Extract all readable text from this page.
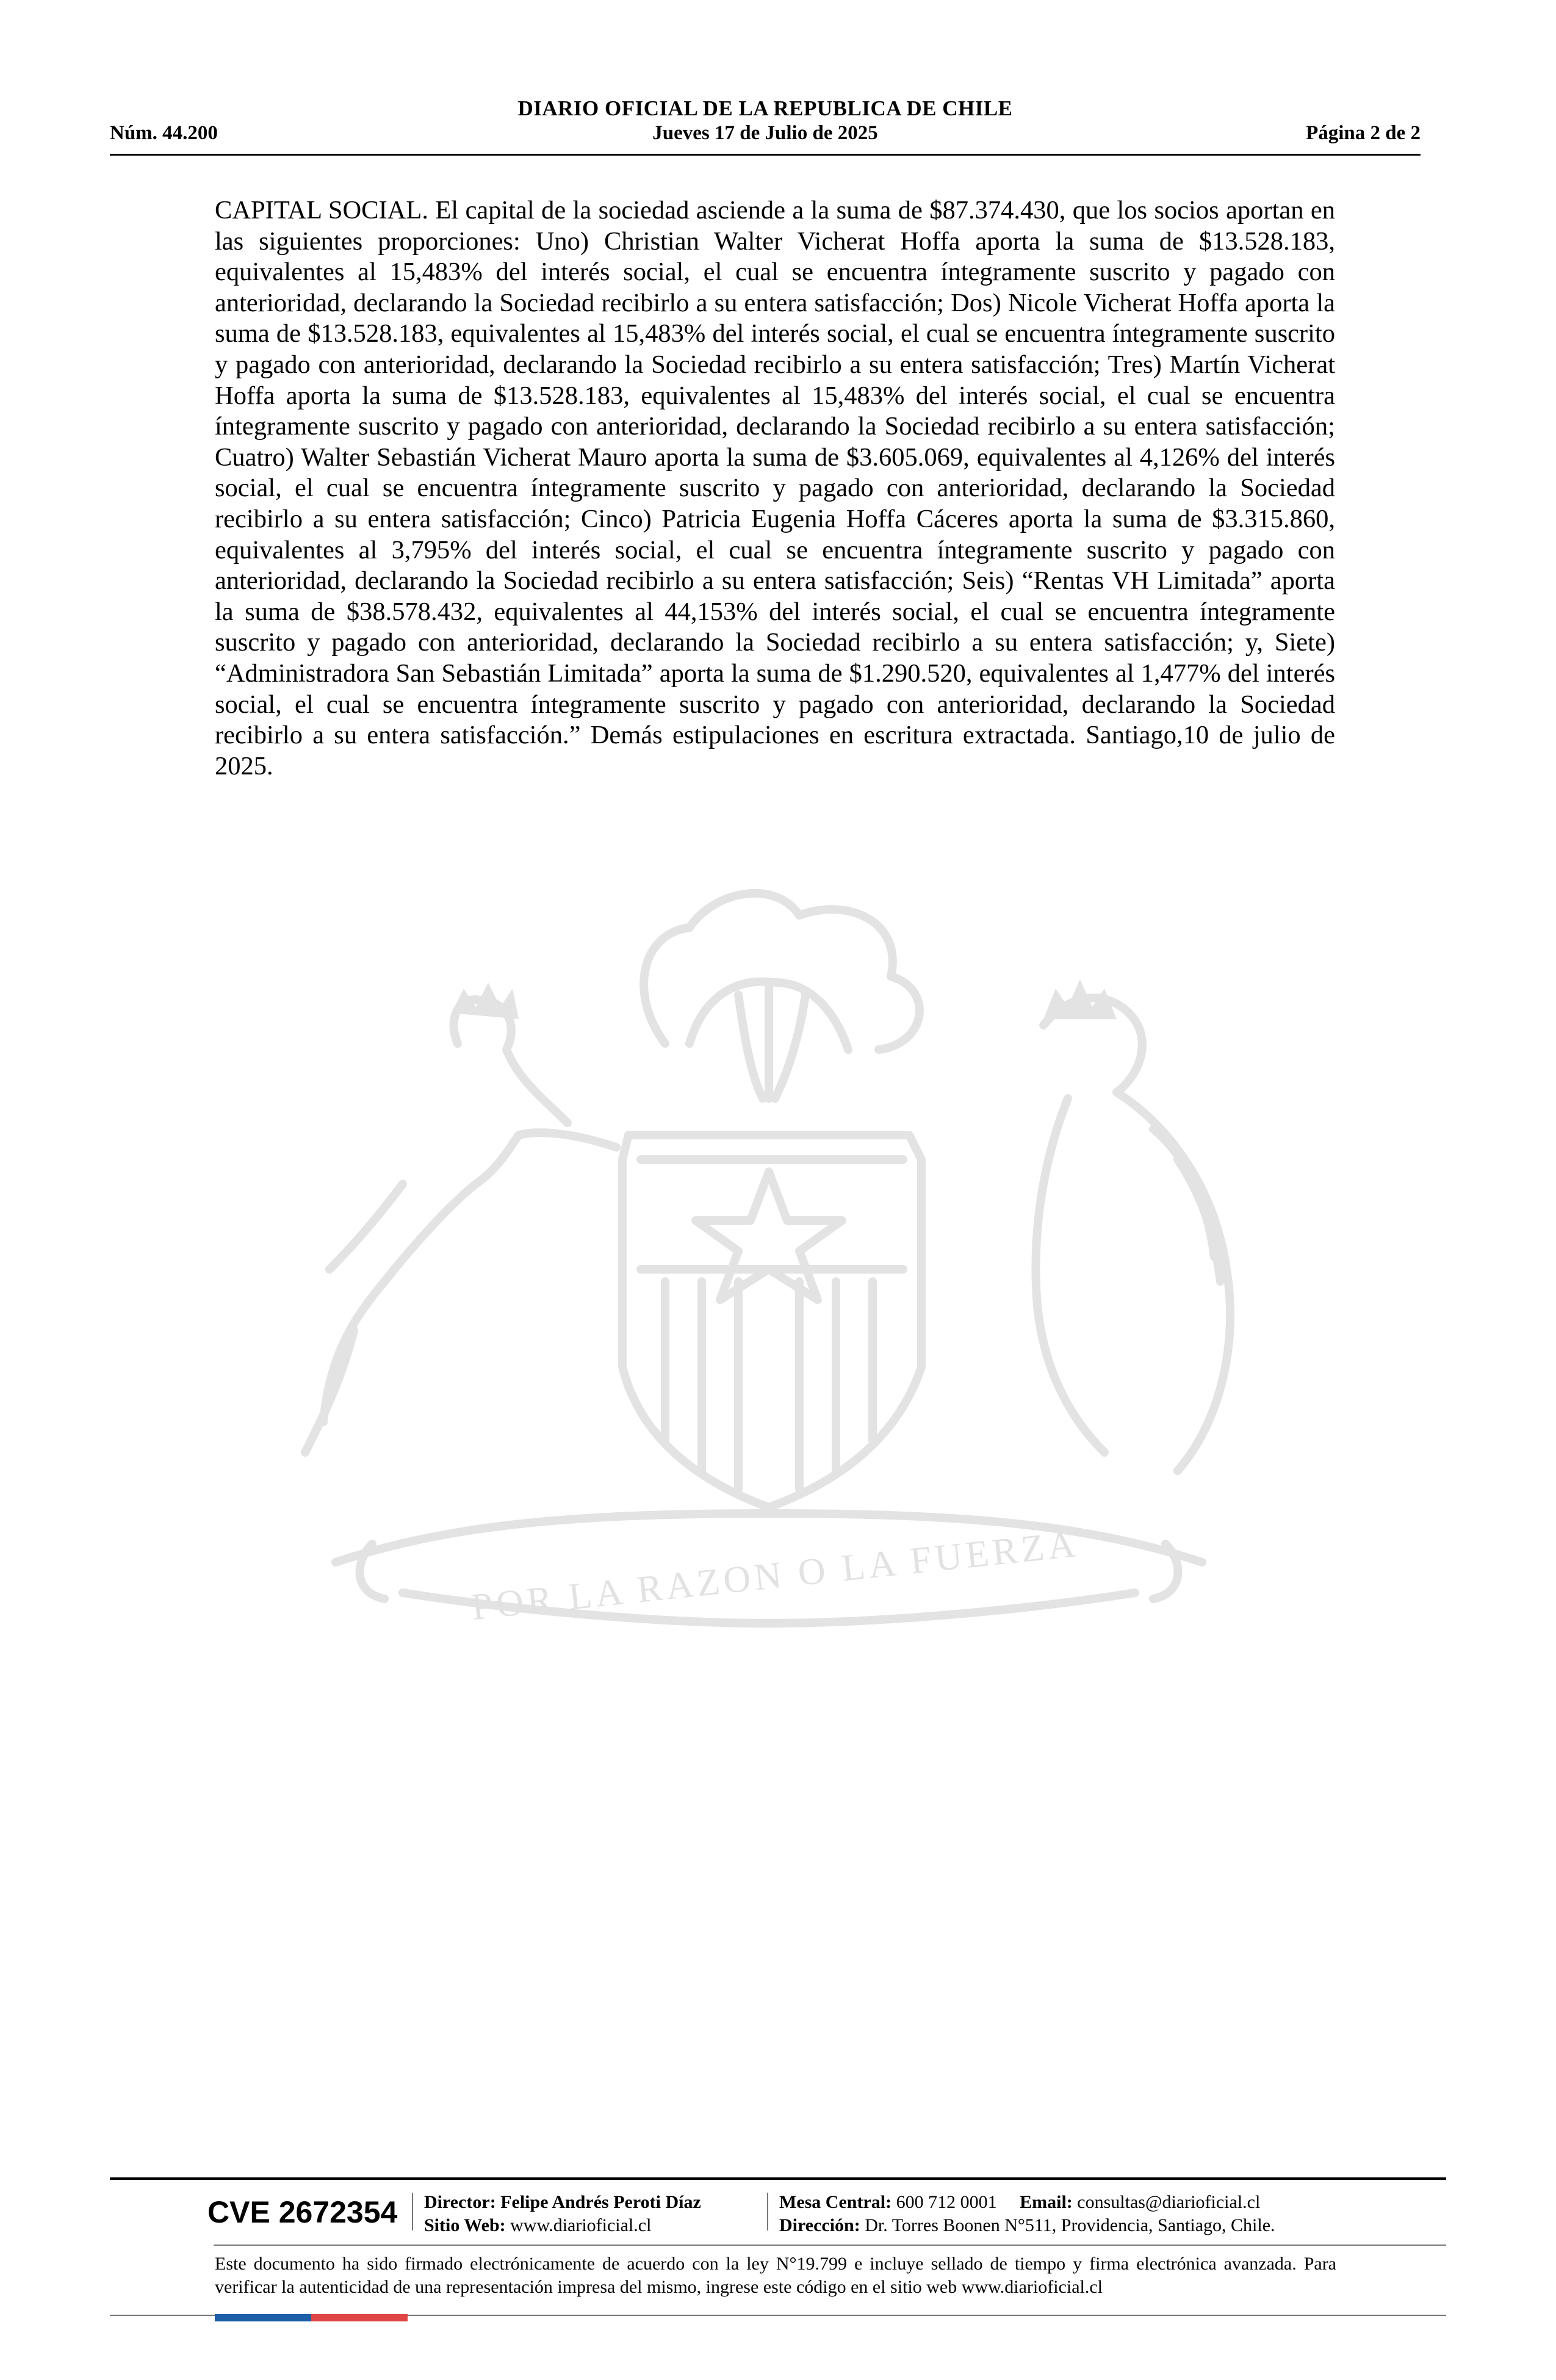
DIARIO OFICIAL DE LA REPUBLICA DE CHILE
Núm. 44.200	Jueves 17 de Julio de 2025	Página 2 de 2
POR LA RAZON O LA FUERZA

CAPITAL SOCIAL. El capital de la sociedad asciende a la suma de $87.374.430, que los socios aportan en las siguientes proporciones: Uno) Christian Walter Vicherat Hoffa aporta la suma de $13.528.183, equivalentes al 15,483% del interés social, el cual se encuentra íntegramente suscrito y pagado con anterioridad, declarando la Sociedad recibirlo a su entera satisfacción; Dos) Nicole Vicherat Hoffa aporta la suma de $13.528.183, equivalentes al 15,483% del interés social, el cual se encuentra íntegramente suscrito y pagado con anterioridad, declarando la Sociedad recibirlo a su entera satisfacción; Tres) Martín Vicherat Hoffa aporta la suma de $13.528.183, equivalentes al 15,483% del interés social, el cual se encuentra íntegramente suscrito y pagado con anterioridad, declarando la Sociedad recibirlo a su entera satisfacción; Cuatro) Walter Sebastián Vicherat Mauro aporta la suma de $3.605.069, equivalentes al 4,126% del interés social, el cual se encuentra íntegramente suscrito y pagado con anterioridad, declarando la Sociedad recibirlo a su entera satisfacción; Cinco) Patricia Eugenia Hoffa Cáceres aporta la suma de $3.315.860, equivalentes al 3,795% del interés social, el cual se encuentra íntegramente suscrito y pagado con anterioridad, declarando la Sociedad recibirlo a su entera satisfacción; Seis) “Rentas VH Limitada” aporta la suma de $38.578.432, equivalentes al 44,153% del interés social, el cual se encuentra íntegramente suscrito y pagado con anterioridad, declarando la Sociedad recibirlo a su entera satisfacción; y, Siete) “Administradora San Sebastián Limitada” aporta la suma de $1.290.520, equivalentes al 1,477% del interés social, el cual se encuentra íntegramente suscrito y pagado con anterioridad, declarando la Sociedad recibirlo a su entera satisfacción.” Demás estipulaciones en escritura extractada. Santiago,10 de julio de 2025.

CVE 2672354 Director: Felipe Andrés Peroti Díaz
Sitio Web: www.diarioficial.cl
Mesa Central: 600 712 0001 Email: consultas@diarioficial.cl
Dirección: Dr. Torres Boonen N°511, Providencia, Santiago, Chile.
Este documento ha sido firmado electrónicamente de acuerdo con la ley N°19.799 e incluye sellado de tiempo y firma electrónica avanzada. Para verificar la autenticidad de una representación impresa del mismo, ingrese este código en el sitio web www.diarioficial.cl
